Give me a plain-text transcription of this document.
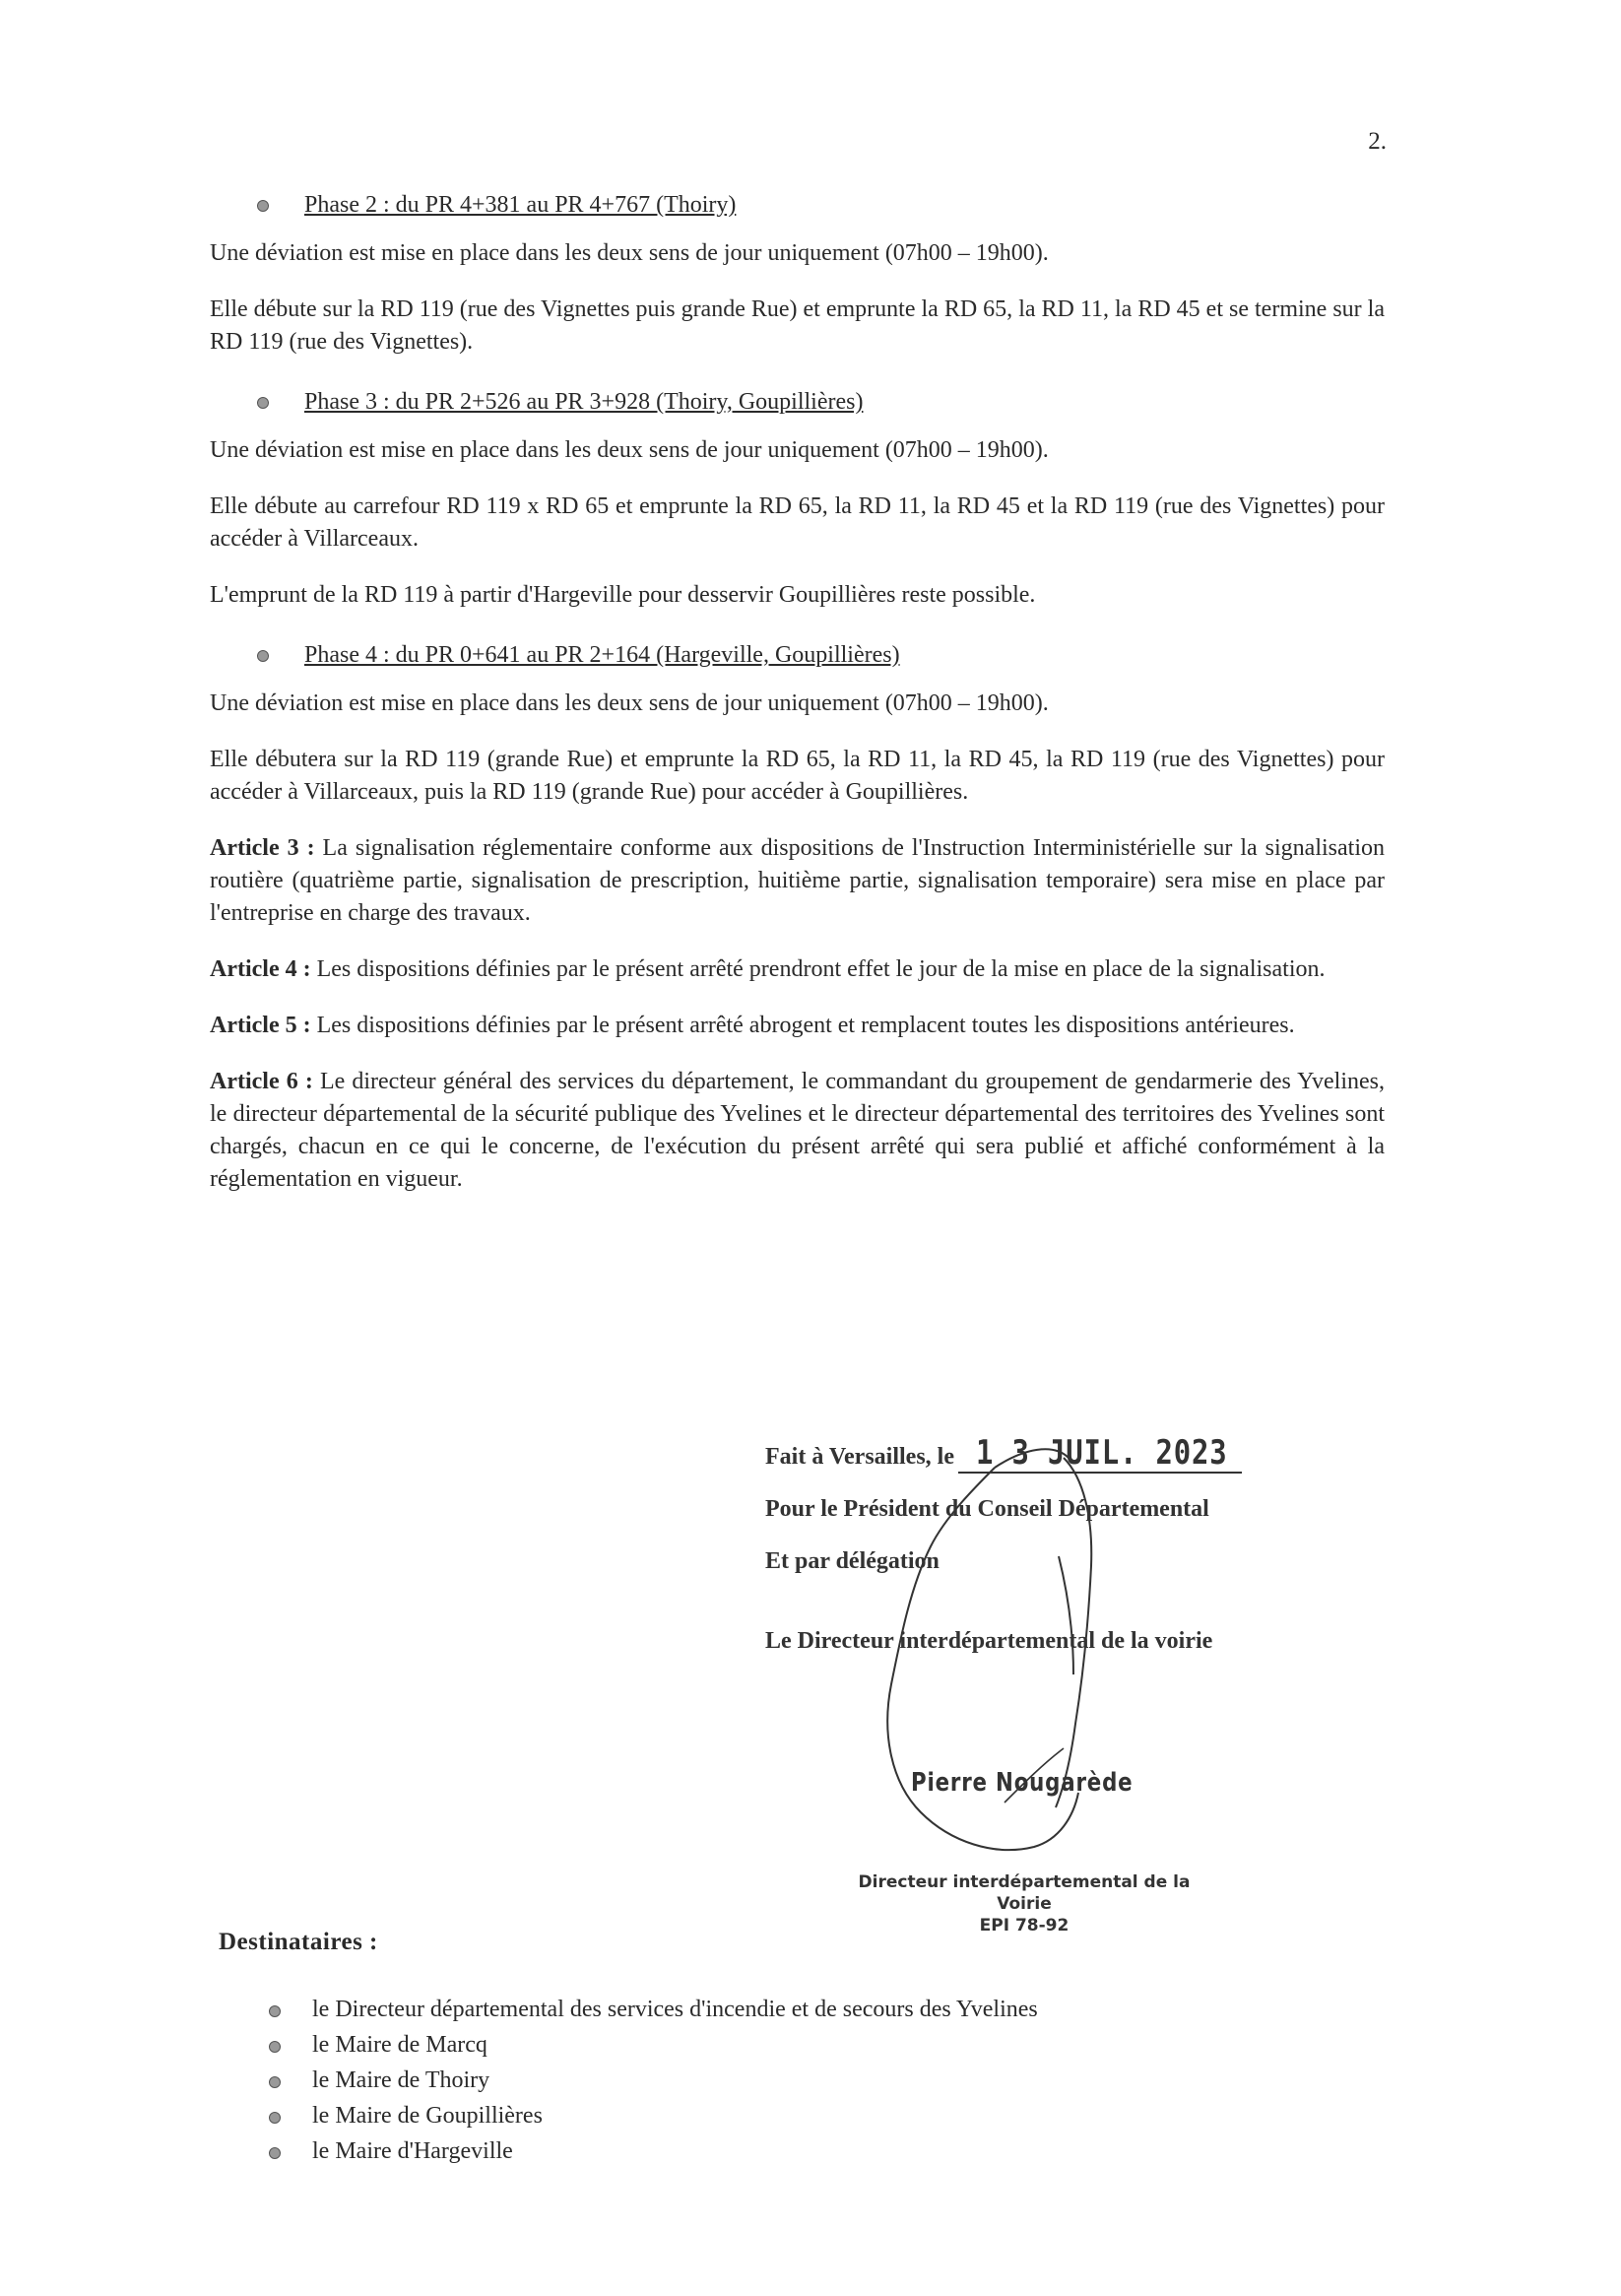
2.
Phase 2 : du PR 4+381 au PR 4+767 (Thoiry)

Une déviation est mise en place dans les deux sens de jour uniquement (07h00 – 19h00).

Elle débute sur la RD 119 (rue des Vignettes puis grande Rue) et emprunte la RD 65, la RD 11, la RD 45 et se termine sur la RD 119 (rue des Vignettes).

Phase 3 : du PR 2+526 au PR 3+928 (Thoiry, Goupillières)

Une déviation est mise en place dans les deux sens de jour uniquement (07h00 – 19h00).

Elle débute au carrefour RD 119 x RD 65 et emprunte la RD 65, la RD 11, la RD 45 et la RD 119 (rue des Vignettes) pour accéder à Villarceaux.

L'emprunt de la RD 119 à partir d'Hargeville pour desservir Goupillières reste possible.

Phase 4 : du PR 0+641 au PR 2+164 (Hargeville, Goupillières)

Une déviation est mise en place dans les deux sens de jour uniquement (07h00 – 19h00).

Elle débutera sur la RD 119 (grande Rue) et emprunte la RD 65, la RD 11, la RD 45, la RD 119 (rue des Vignettes) pour accéder à Villarceaux, puis la RD 119 (grande Rue) pour accéder à Goupillières.

Article 3 : La signalisation réglementaire conforme aux dispositions de l'Instruction Interministérielle sur la signalisation routière (quatrième partie, signalisation de prescription, huitième partie, signalisation temporaire) sera mise en place par l'entreprise en charge des travaux.

Article 4 : Les dispositions définies par le présent arrêté prendront effet le jour de la mise en place de la signalisation.

Article 5 : Les dispositions définies par le présent arrêté abrogent et remplacent toutes les dispositions antérieures.

Article 6 : Le directeur général des services du département, le commandant du groupement de gendarmerie des Yvelines, le directeur départemental de la sécurité publique des Yvelines et le directeur départemental des territoires des Yvelines sont chargés, chacun en ce qui le concerne, de l'exécution du présent arrêté qui sera publié et affiché conformément à la réglementation en vigueur.

Fait à Versailles, le 1 3 JUIL. 2023
Pour le Président du Conseil Départemental
Et par délégation
Le Directeur interdépartemental de la voirie
Pierre Nougarède
Directeur interdépartemental de la Voirie
EPI 78-92
Destinataires :
le Directeur départemental des services d'incendie et de secours des Yvelines
le Maire de Marcq
le Maire de Thoiry
le Maire de Goupillières
le Maire d'Hargeville
